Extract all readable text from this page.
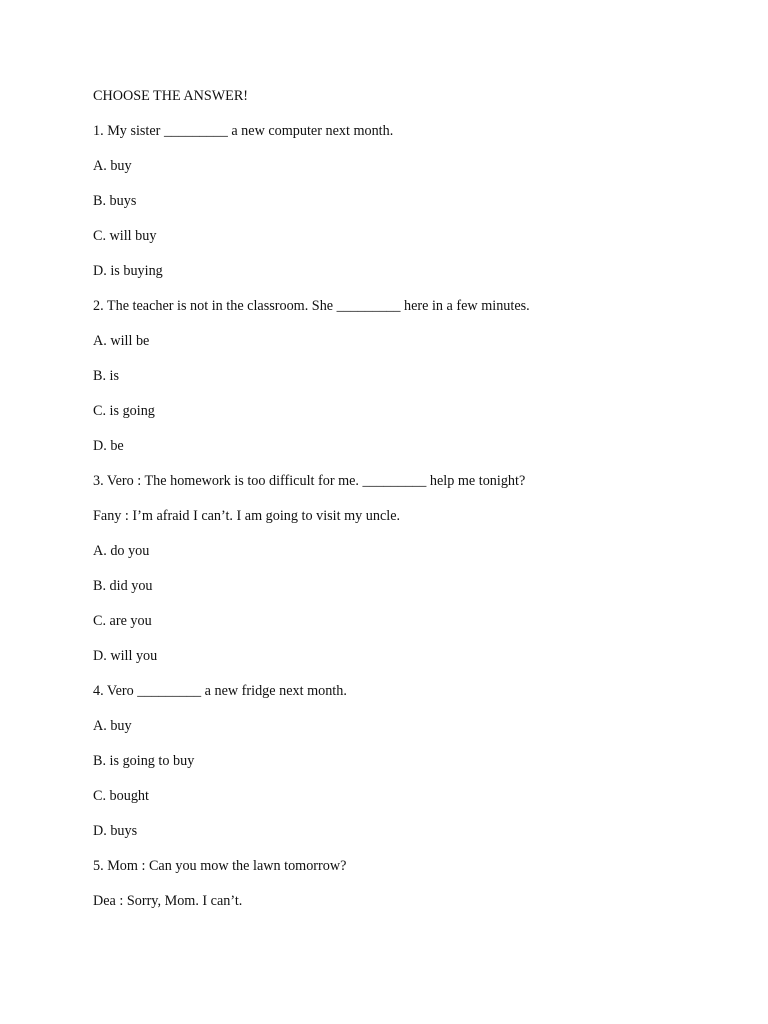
CHOOSE THE ANSWER!

1. My sister _________ a new computer next month.

A. buy

B. buys

C. will buy

D. is buying

2. The teacher is not in the classroom. She _________ here in a few minutes.

A. will be

B. is

C. is going

D. be

3. Vero : The homework is too difficult for me. _________ help me tonight?

Fany : I’m afraid I can’t. I am going to visit my uncle.

A. do you

B. did you

C. are you

D. will you

4. Vero _________ a new fridge next month.

A. buy

B. is going to buy

C. bought

D. buys

5. Mom : Can you mow the lawn tomorrow?

Dea : Sorry, Mom. I can’t.
